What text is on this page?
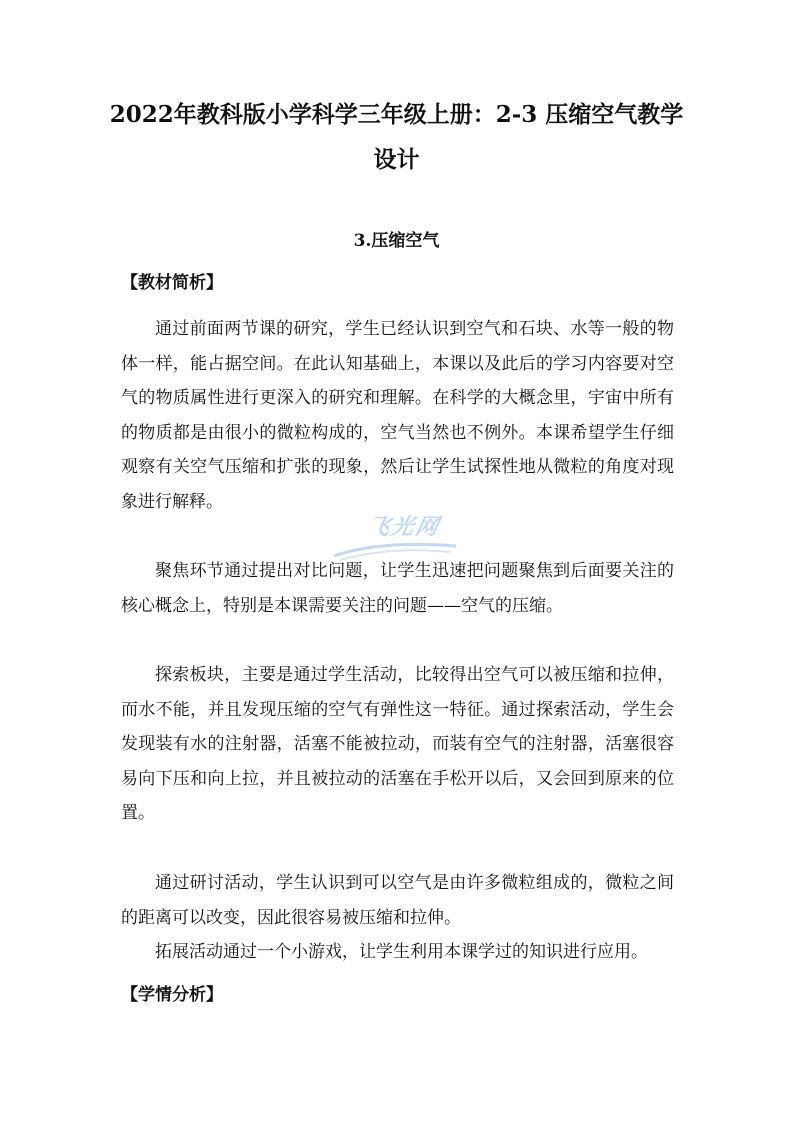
2022年教科版小学科学三年级上册：2-3 压缩空气教学设计
3.压缩空气
【教材简析】

通过前面两节课的研究，学生已经认识到空气和石块、水等一般的物体一样，能占据空间。在此认知基础上，本课以及此后的学习内容要对空气的物质属性进行更深入的研究和理解。在科学的大概念里，宇宙中所有的物质都是由很小的微粒构成的，空气当然也不例外。本课希望学生仔细观察有关空气压缩和扩张的现象，然后让学生试探性地从微粒的角度对现象进行解释。

聚焦环节通过提出对比问题，让学生迅速把问题聚焦到后面要关注的核心概念上，特别是本课需要关注的问题——空气的压缩。

探索板块，主要是通过学生活动，比较得出空气可以被压缩和拉伸，而水不能，并且发现压缩的空气有弹性这一特征。通过探索活动，学生会发现装有水的注射器，活塞不能被拉动，而装有空气的注射器，活塞很容易向下压和向上拉，并且被拉动的活塞在手松开以后，又会回到原来的位置。

通过研讨活动，学生认识到可以空气是由许多微粒组成的，微粒之间的距离可以改变，因此很容易被压缩和拉伸。

拓展活动通过一个小游戏，让学生利用本课学过的知识进行应用。

【学情分析】
飞光网
